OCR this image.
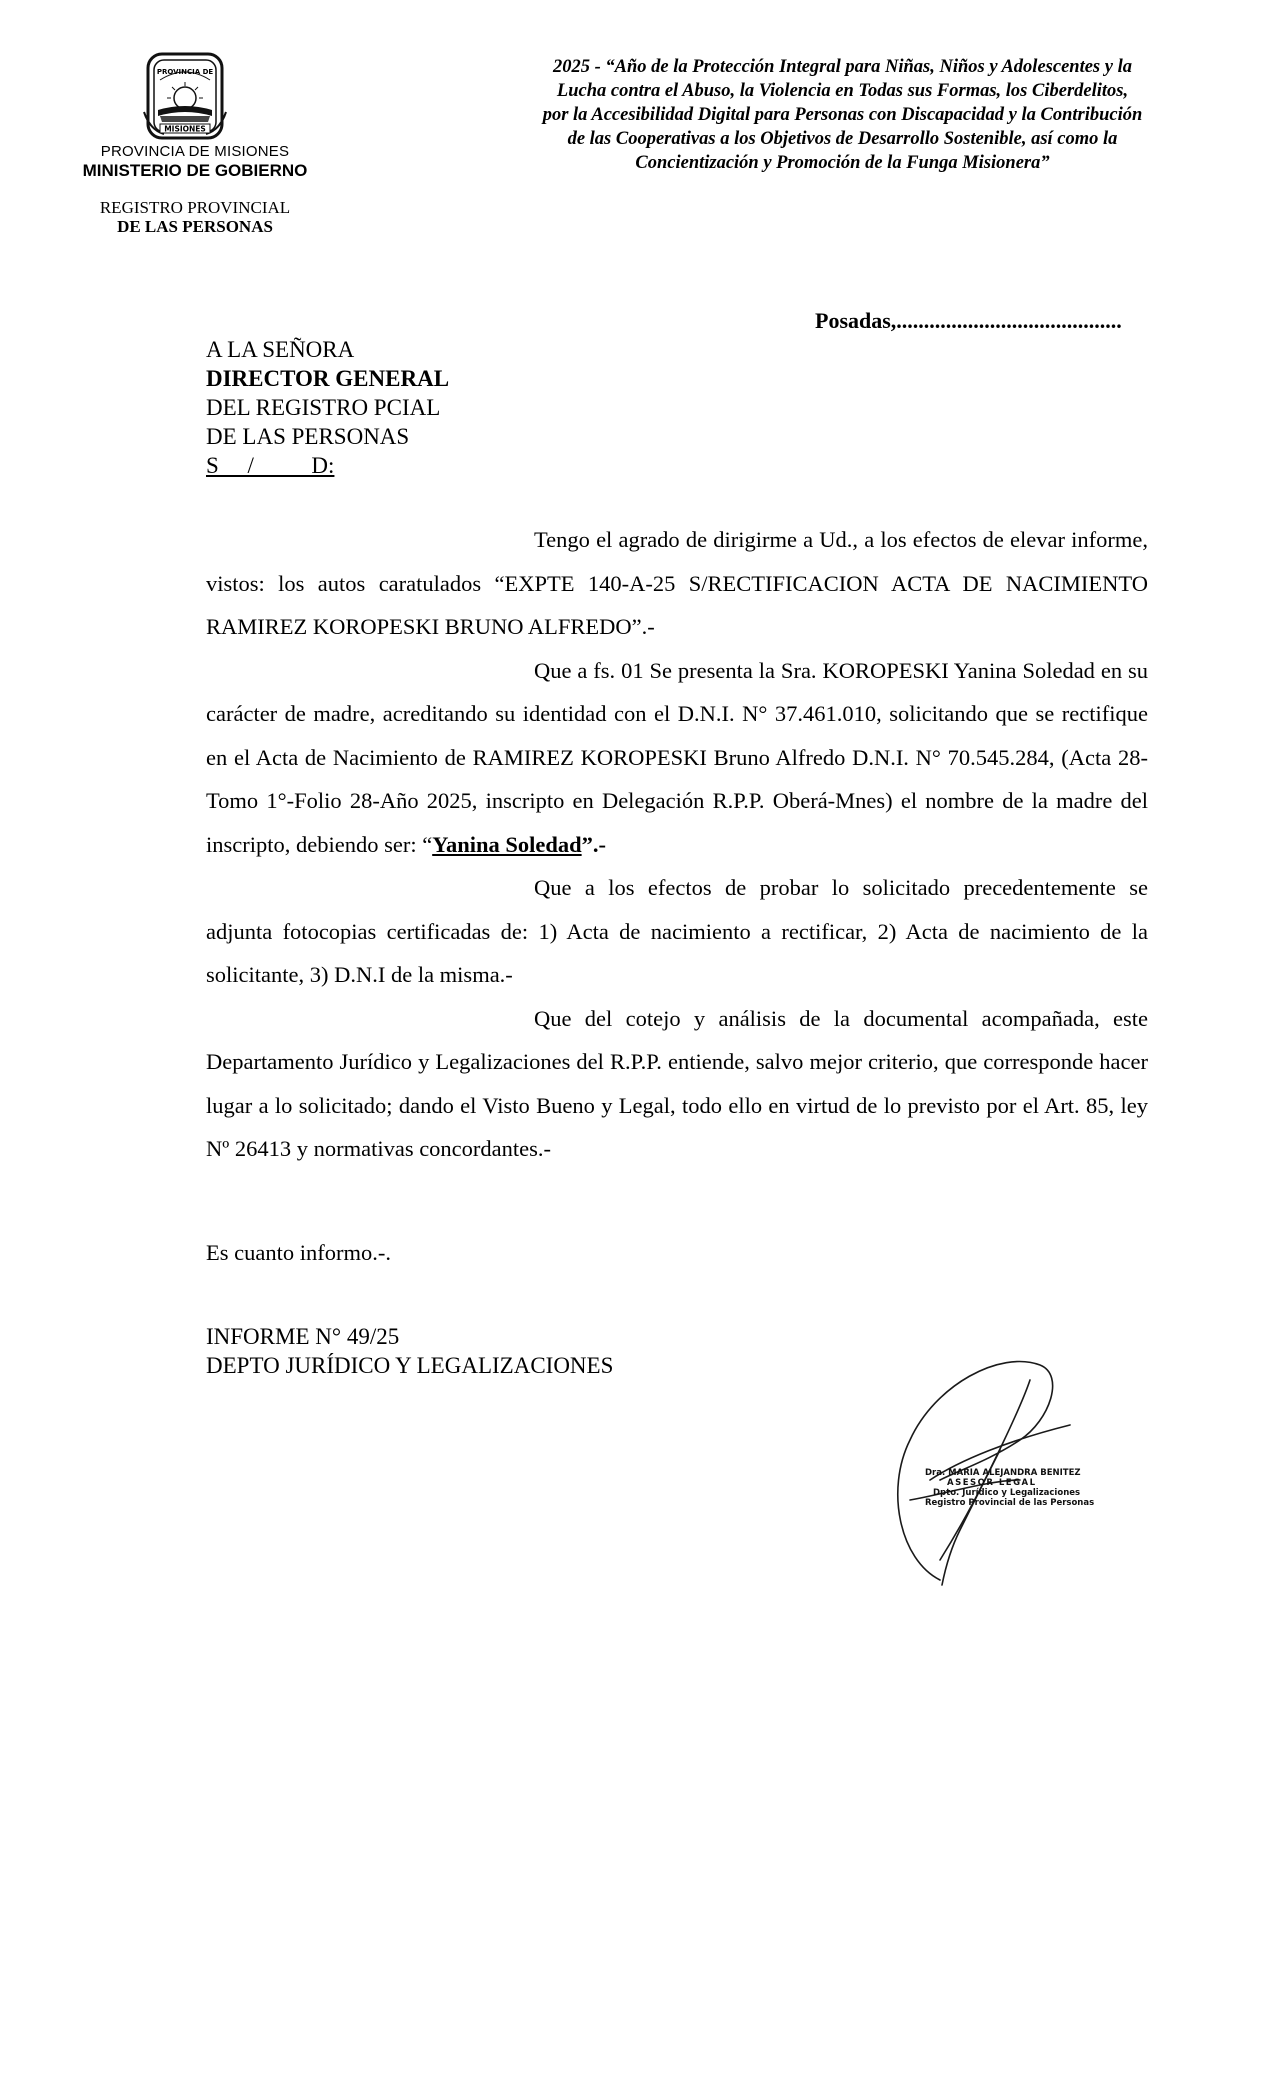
PROVINCIA DE
MISIONES
PROVINCIA DE MISIONES
MINISTERIO DE GOBIERNO
REGISTRO PROVINCIAL
DE LAS PERSONAS
2025 - “Año de la Protección Integral para Niñas, Niños y Adolescentes y la
Lucha contra el Abuso, la Violencia en Todas sus Formas, los Ciberdelitos,
por la Accesibilidad Digital para Personas con Discapacidad y la Contribución
de las Cooperativas a los Objetivos de Desarrollo Sostenible, así como la
Concientización y Promoción de la Funga Misionera”
Posadas,.........................................
A LA SEÑORA
DIRECTOR GENERAL
DEL REGISTRO PCIAL
DE LAS PERSONAS
S     /          D:

Tengo el agrado de dirigirme a Ud., a los efectos de elevar informe, vistos: los autos caratulados “EXPTE 140-A-25 S/RECTIFICACION ACTA DE NACIMIENTO RAMIREZ KOROPESKI BRUNO ALFREDO”.-

Que a fs. 01 Se presenta la Sra. KOROPESKI Yanina Soledad en su carácter de madre, acreditando su identidad con el D.N.I. N° 37.461.010, solicitando que se rectifique en el Acta de Nacimiento de RAMIREZ KOROPESKI Bruno Alfredo D.N.I. N° 70.545.284, (Acta 28-Tomo 1°-Folio 28-Año 2025, inscripto en Delegación R.P.P. Oberá-Mnes) el nombre de la madre del inscripto, debiendo ser: “Yanina Soledad”.-

Que a los efectos de probar lo solicitado precedentemente se adjunta fotocopias certificadas de: 1) Acta de nacimiento a rectificar, 2) Acta de nacimiento de la solicitante, 3) D.N.I de la misma.-

Que del cotejo y análisis de la documental acompañada, este Departamento Jurídico y Legalizaciones del R.P.P. entiende, salvo mejor criterio, que corresponde hacer lugar a lo solicitado; dando el Visto Bueno y Legal, todo ello en virtud de lo previsto por el Art. 85, ley Nº 26413 y normativas concordantes.-

Es cuanto informo.-.
INFORME N° 49/25
DEPTO JURÍDICO Y LEGALIZACIONES
Dra. MARIA ALEJANDRA BENITEZ
ASESOR LEGAL
Dpto. Jurídico y Legalizaciones
Registro Provincial de las Personas
